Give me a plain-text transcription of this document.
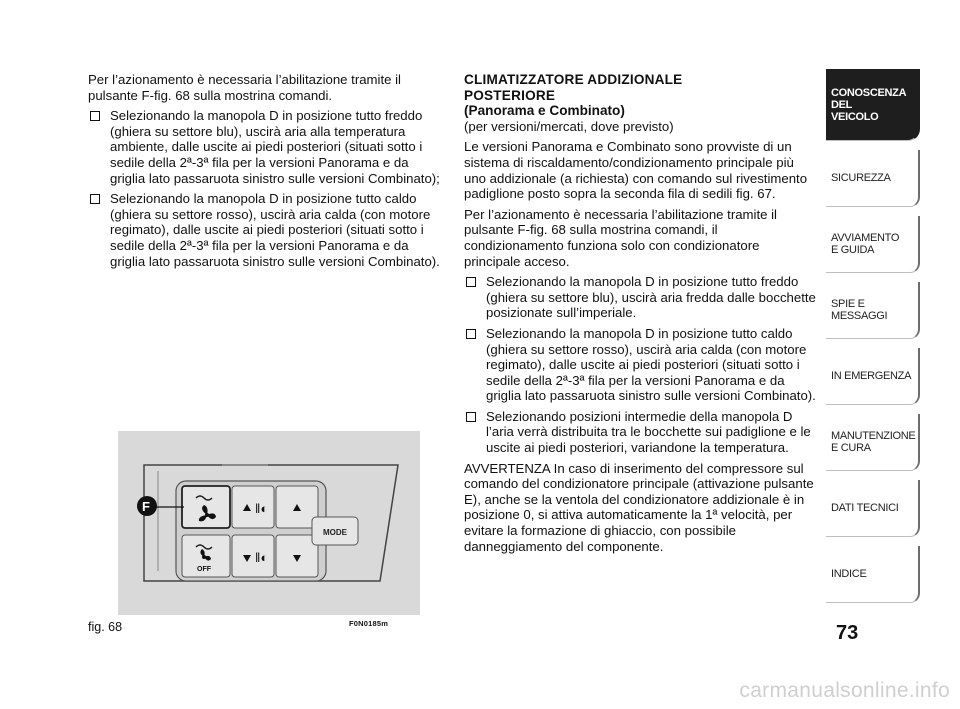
Per l’azionamento è necessaria l’abilitazione tramite il pulsante F-fig. 68 sulla mostrina comandi.

Selezionando la manopola D in posizione tutto freddo (ghiera su settore blu), uscirà aria alla temperatura ambiente, dalle uscite ai piedi posteriori (situati sotto i sedile della 2ª-3ª fila per la versioni Panorama e da griglia lato passaruota sinistro sulle versioni Combinato);
Selezionando la manopola D in posizione tutto caldo (ghiera su settore rosso), uscirà aria calda (con motore regimato), dalle uscite ai piedi posteriori (situati sotto i sedile della 2ª-3ª fila per la versioni Panorama e da griglia lato passaruota sinistro sulle versioni Combinato).
CLIMATIZZATORE ADDIZIONALE
POSTERIORE
(Panorama e Combinato)

(per versioni/mercati, dove previsto)

Le versioni Panorama e Combinato sono provviste di un sistema di riscaldamento/condizionamento principale più uno addizionale (a richiesta) con comando sul rivestimento padiglione posto sopra la seconda fila di sedili fig. 67.

Per l’azionamento è necessaria l’abilitazione tramite il pulsante F-fig. 68 sulla mostrina comandi, il condizionamento funziona solo con condizionatore principale acceso.

Selezionando la manopola D in posizione tutto freddo (ghiera su settore blu), uscirà aria fredda dalle bocchette posizionate sull’imperiale.
Selezionando la manopola D in posizione tutto caldo (ghiera su settore rosso), uscirà aria calda (con motore regimato), dalle uscite ai piedi posteriori (situati sotto i sedile della 2ª-3ª fila per la versioni Panorama e da griglia lato passaruota sinistro sulle versioni Combinato).
Selezionando posizioni intermedie della manopola D l’aria verrà distribuita tra le bocchette sui padiglione e le uscite ai piedi posteriori, variandone la temperatura.

AVVERTENZA In caso di inserimento del compressore sul comando del condizionatore principale (attivazione pulsante E), anche se la ventola del condizionatore addizionale è in posizione 0, si attiva automaticamente la 1ª velocità, per evitare la formazione di ghiaccio, con possibile danneggiamento del componente.

‖◐
OFF
‖◐
MODE
F
fig. 68	F0N0185m
CONOSCENZA
DEL
VEICOLO
SICUREZZA
AVVIAMENTO
E GUIDA
SPIE E
MESSAGGI
IN EMERGENZA
MANUTENZIONE
E CURA
DATI TECNICI
INDICE
73
carmanualsonline.info
